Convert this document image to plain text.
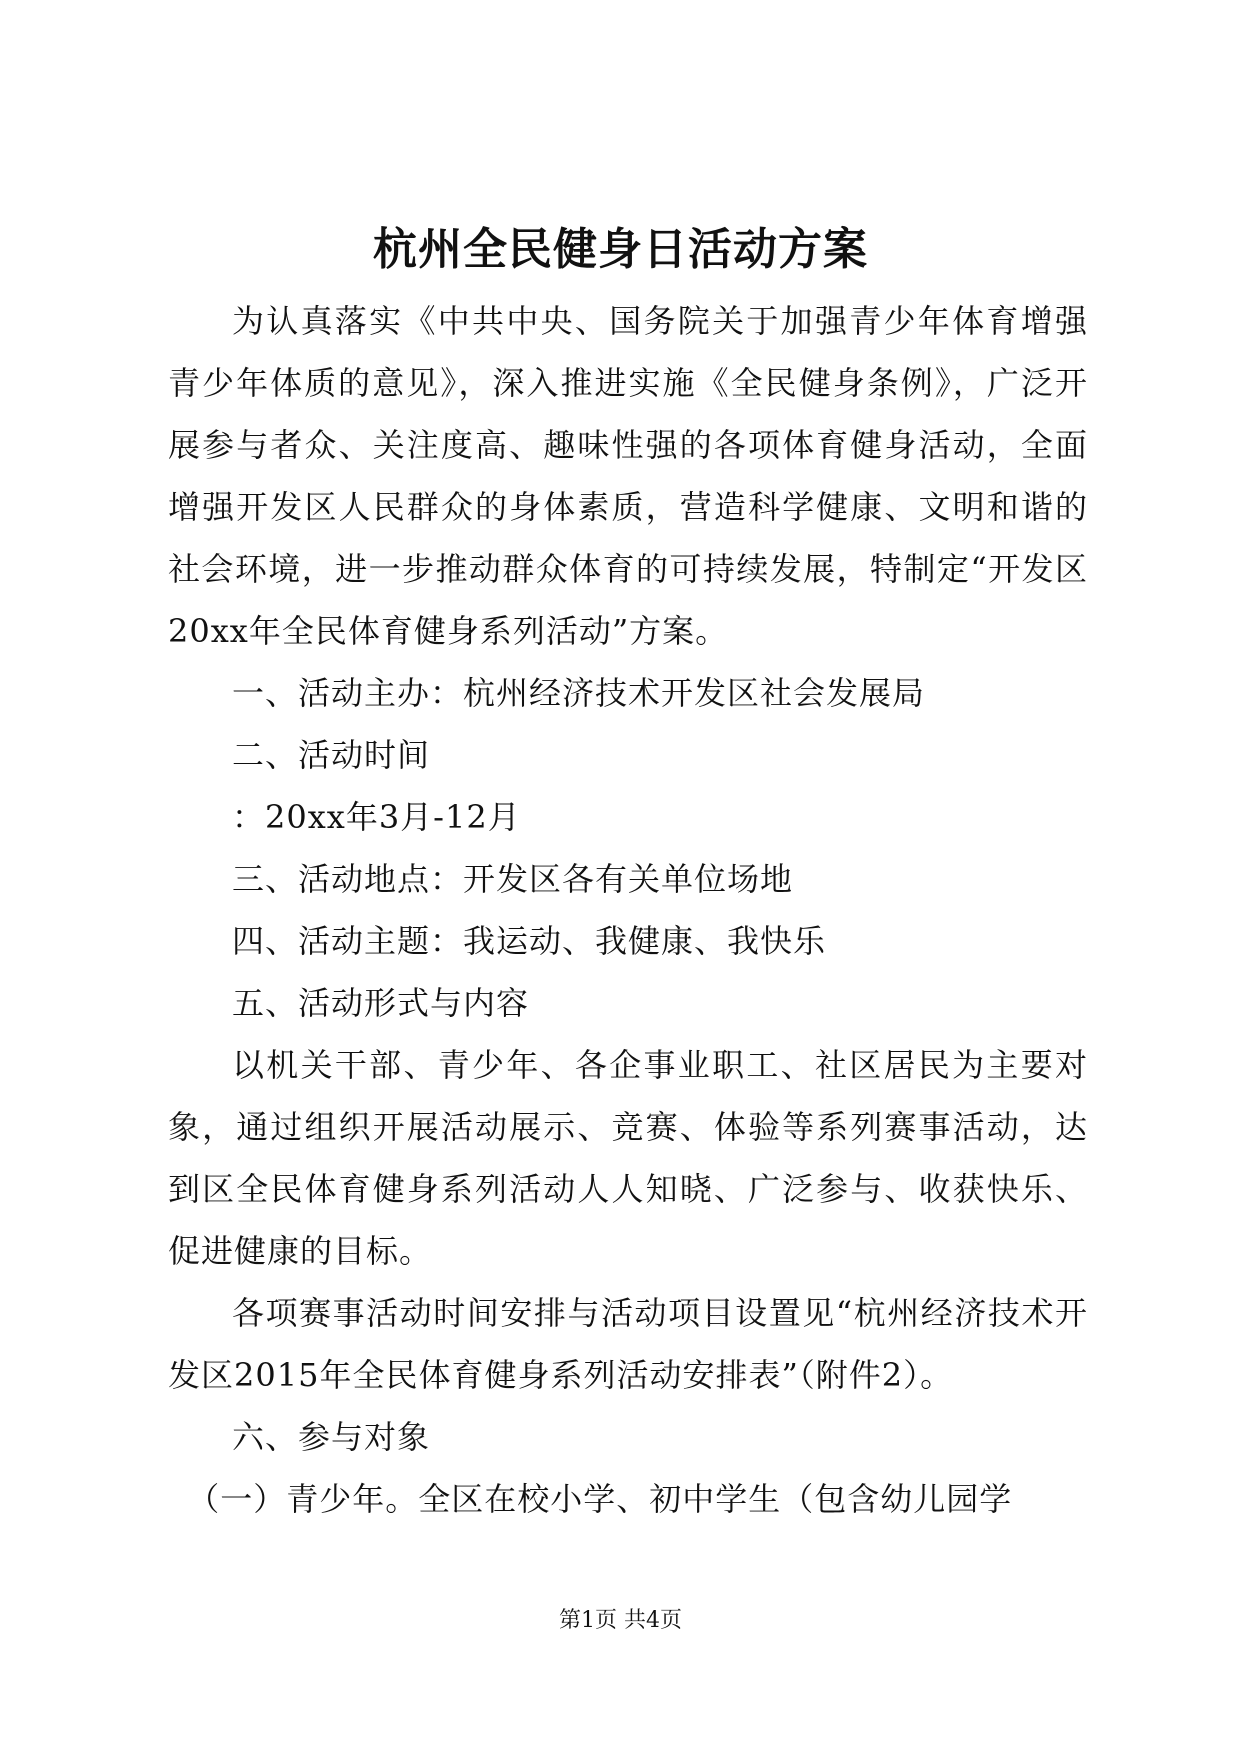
杭州全民健身日活动方案

为认真落实《中共中央、国务院关于加强青少年体育增强青少年体质的意见》，深入推进实施《全民健身条例》，广泛开展参与者众、关注度高、趣味性强的各项体育健身活动，全面增强开发区人民群众的身体素质，营造科学健康、文明和谐的社会环境，进一步推动群众体育的可持续发展，特制定“开发区20xx年全民体育健身系列活动”方案。

一、活动主办：杭州经济技术开发区社会发展局

二、活动时间

：20xx年3月-12月

三、活动地点：开发区各有关单位场地

四、活动主题：我运动、我健康、我快乐

五、活动形式与内容

以机关干部、青少年、各企事业职工、社区居民为主要对象，通过组织开展活动展示、竞赛、体验等系列赛事活动，达到区全民体育健身系列活动人人知晓、广泛参与、收获快乐、促进健康的目标。

各项赛事活动时间安排与活动项目设置见“杭州经济技术开发区2015年全民体育健身系列活动安排表”（附件2）。

六、参与对象

（一）青少年。全区在校小学、初中学生（包含幼儿园学

第1页 共4页
